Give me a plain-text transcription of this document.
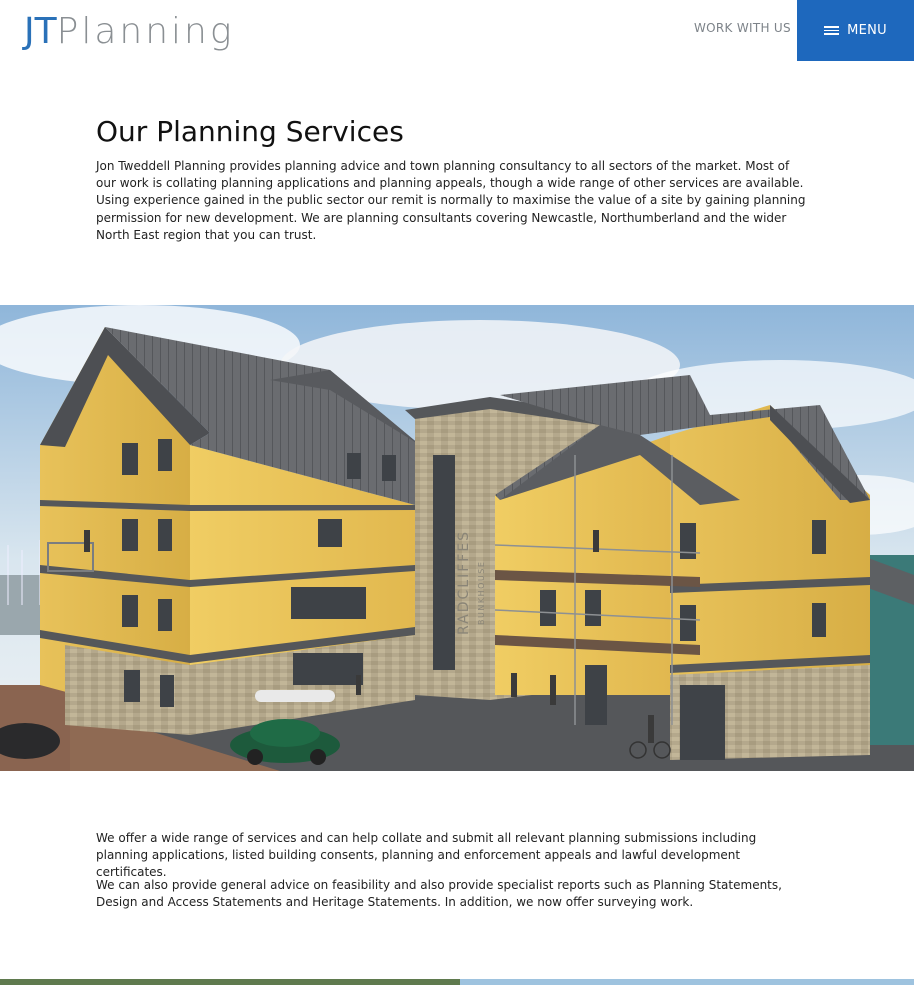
JTPlanning	WORK WITH US	MENU
Our Planning Services

Jon Tweddell Planning provides planning advice and town planning consultancy to all sectors of the market. Most of our work is collating planning applications and planning appeals, though a wide range of other services are available. Using experience gained in the public sector our remit is normally to maximise the value of a site by gaining planning permission for new development. We are planning consultants covering Newcastle, Northumberland and the wider North East region that you can trust.

RADCLIFFES BUNKHOUSE

We offer a wide range of services and can help collate and submit all relevant planning submissions including planning applications, listed building consents, planning and enforcement appeals and lawful development certificates.

We can also provide general advice on feasibility and also provide specialist reports such as Planning Statements, Design and Access Statements and Heritage Statements. In addition, we now offer surveying work.
